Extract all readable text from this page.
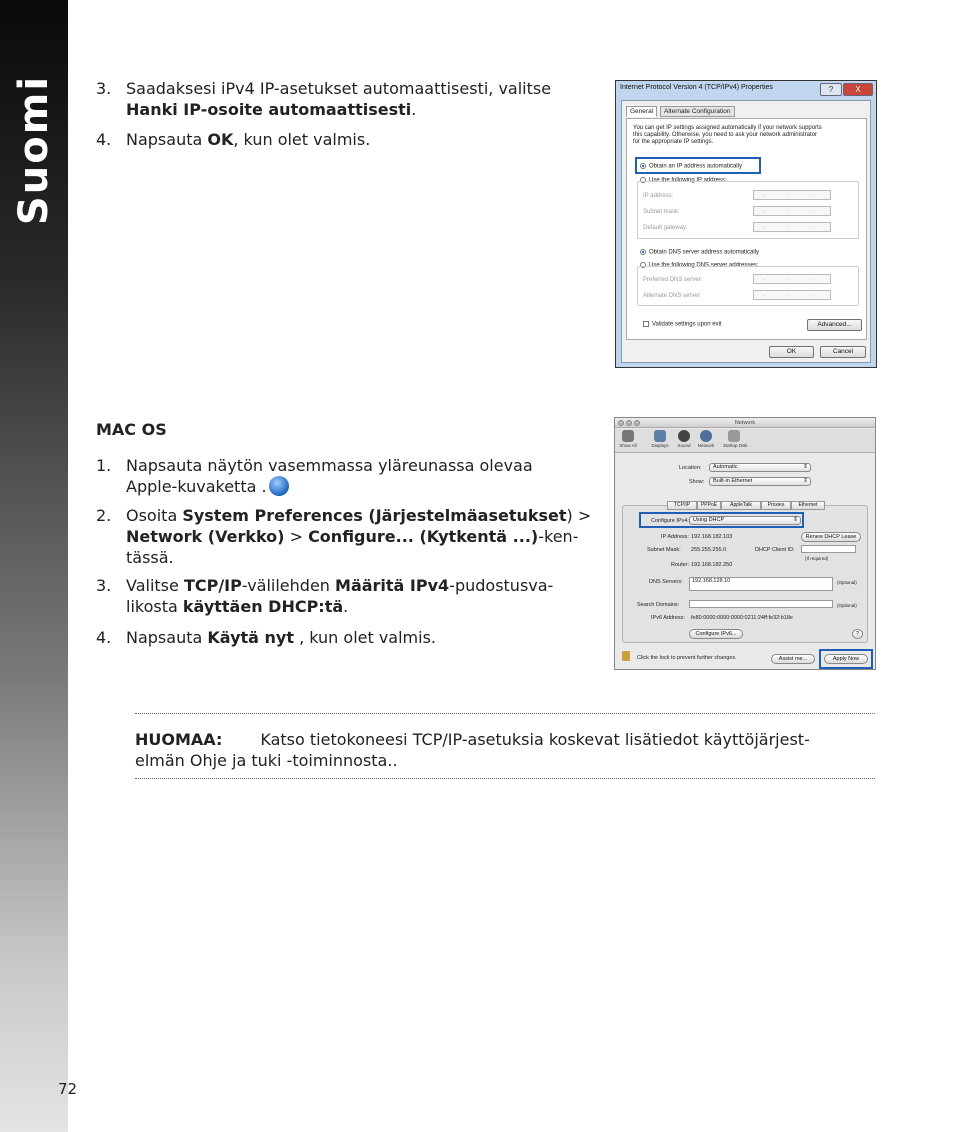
Suomi
72
3. Saadaksesi iPv4 IP-asetukset automaattisesti, valitse
Hanki IP-osoite automaattisesti.
4. Napsauta OK, kun olet valmis.
Internet Protocol Version 4 (TCP/IPv4) Properties	?	X
General	Alternate Configuration
You can get IP settings assigned automatically if your network supports
this capability. Otherwise, you need to ask your network administrator
for the appropriate IP settings.
Obtain an IP address automatically
Use the following IP address:
IP address:	. . .
Subnet mask:	. . .
Default gateway:	. . .
Obtain DNS server address automatically
Use the following DNS server addresses:
Preferred DNS server:	. . .
Alternate DNS server:	. . .
Validate settings upon exit	Advanced...
OK	Cancel
MAC OS
1. Napsauta näytön vasemmassa yläreunassa olevaa
Apple-kuvaketta .
2. Osoita System Preferences (Järjestelmäasetukset) >
Network (Verkko) > Configure... (Kytkentä ...)-ken-
tässä.
3. Valitse TCP/IP-välilehden Määritä IPv4-pudostusva-
likosta käyttäen DHCP:tä.
4. Napsauta Käytä nyt , kun olet valmis.
Network
Show All	Displays	Sound	Network	Startup Disk
Location:	Automatic ⇕
Show:	Built-in Ethernet ⇕
Configure IPv4: Using DHCP ⇕
IP Address: 192.168.182.103	Renew DHCP Lease
Subnet Mask: 255.255.255.0	DHCP Client ID:
(If required)
Router: 192.168.182.250
DNS Servers:	192.168.128.10	(Optional)
Search Domains:	(Optional)
IPv6 Address: fe80:0000:0000:0000:0211:24ff:fe32:b18e
Configure IPv6...	?
TCP/IP	PPPoE	AppleTalk	Proxies	Ethernet
Click the lock to prevent further changes.	Assist me...	Apply Now
HUOMAA: Katso tietokoneesi TCP/IP-asetuksia koskevat lisätiedot käyttöjärjest-
elmän Ohje ja tuki -toiminnosta..
